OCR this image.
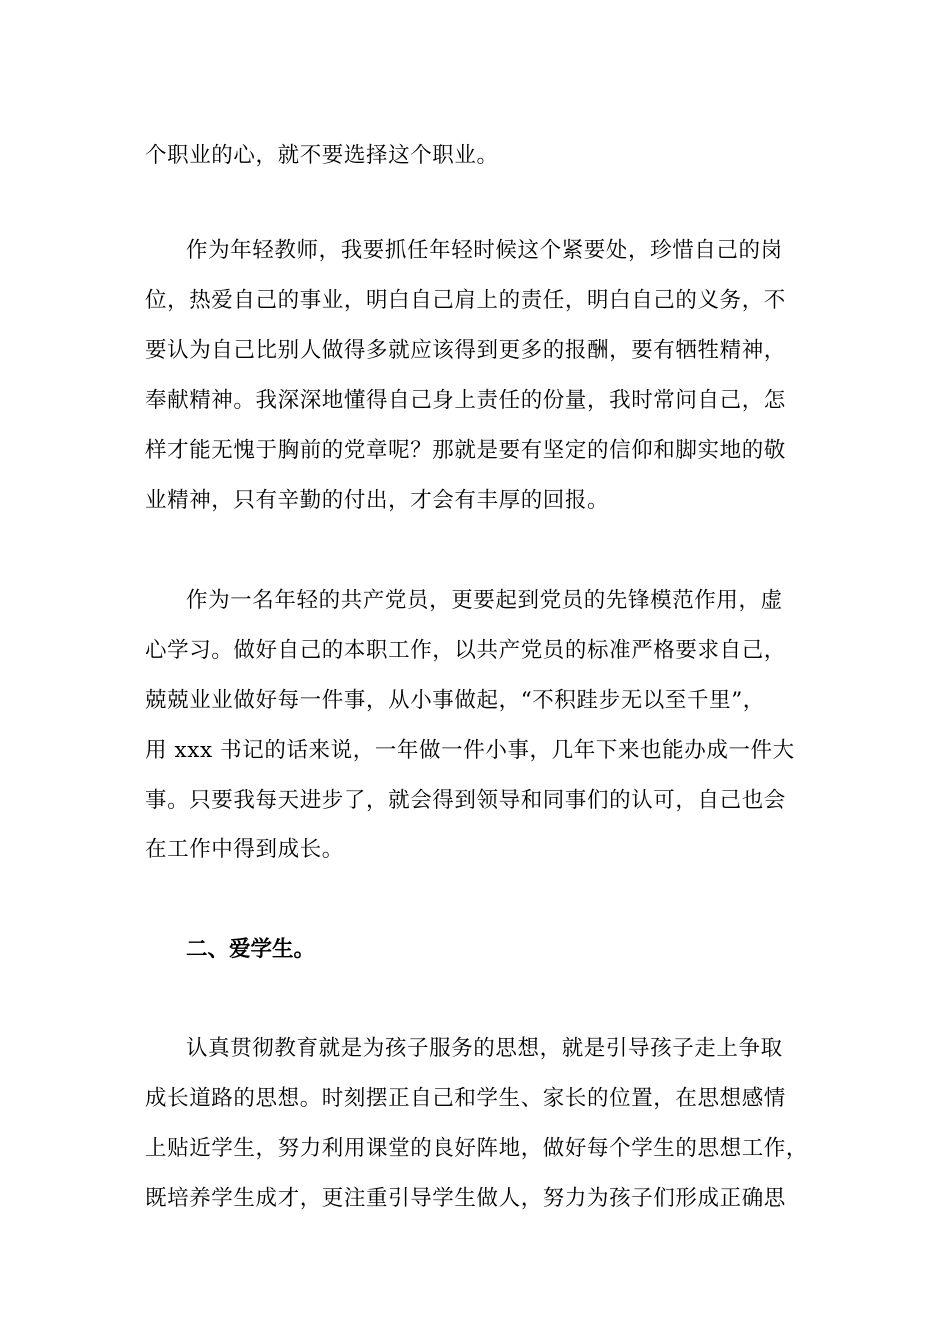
个职业的心，就不要选择这个职业。
作为年轻教师，我要抓任年轻时候这个紧要处，珍惜自己的岗
位，热爱自己的事业，明白自己肩上的责任，明白自己的义务，不
要认为自己比别人做得多就应该得到更多的报酬，要有牺牲精神，
奉献精神。我深深地懂得自己身上责任的份量，我时常问自己，怎
样才能无愧于胸前的党章呢？那就是要有坚定的信仰和脚实地的敬
业精神，只有辛勤的付出，才会有丰厚的回报。
作为一名年轻的共产党员，更要起到党员的先锋模范作用，虚
心学习。做好自己的本职工作，以共产党员的标准严格要求自己，
兢兢业业做好每一件事，从小事做起，“不积跬步无以至千里”，
用 xxx 书记的话来说，一年做一件小事，几年下来也能办成一件大
事。只要我每天进步了，就会得到领导和同事们的认可，自己也会
在工作中得到成长。
二、爱学生。
认真贯彻教育就是为孩子服务的思想，就是引导孩子走上争取
成长道路的思想。时刻摆正自己和学生、家长的位置，在思想感情
上贴近学生，努力利用课堂的良好阵地，做好每个学生的思想工作，
既培养学生成才，更注重引导学生做人，努力为孩子们形成正确思
